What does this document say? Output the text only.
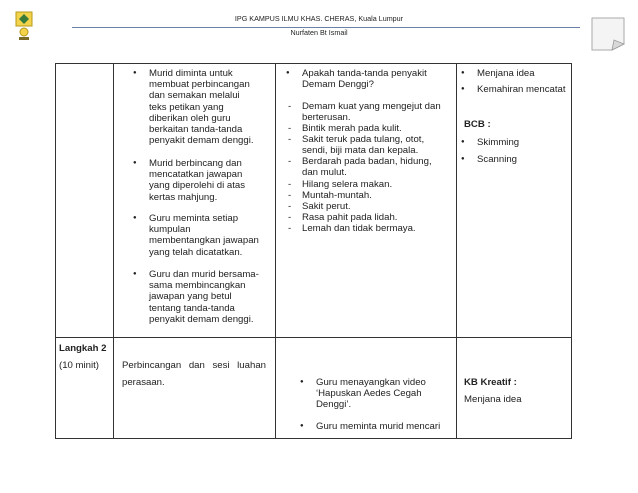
IPG KAMPUS ILMU KHAS. CHERAS, Kuala Lumpur
Nurfaten Bt Ismail
● Murid diminta untuk
membuat perbincangan
dan semakan melalui
teks petikan yang
diberikan oleh guru
berkaitan tanda-tanda
penyakit demam denggi.
● Murid berbincang dan
mencatatkan jawapan
yang diperolehi di atas
kertas mahjung.
● Guru meminta setiap
kumpulan
membentangkan jawapan
yang telah dicatatkan.
● Guru dan murid bersama-
sama membincangkan
jawapan yang betul
tentang tanda-tanda
penyakit demam denggi.
● Apakah tanda-tanda penyakit
Demam Denggi?
- Demam kuat yang mengejut dan
berterusan.
- Bintik merah pada kulit.
- Sakit teruk pada tulang, otot,
sendi, biji mata dan kepala.
- Berdarah pada badan, hidung,
dan mulut.
- Hilang selera makan.
- Muntah-muntah.
- Sakit perut.
- Rasa pahit pada lidah.
- Lemah dan tidak bermaya.
● Menjana idea
● Kemahiran mencatat
BCB :
● Skimming
● Scanning
Langkah 2
(10 minit) Perbincangan dan sesi luahan
perasaan.
●	Guru menayangkan video
‘Hapuskan Aedes Cegah
Denggi’.
● Guru meminta murid mencari
KB Kreatif :
Menjana idea
